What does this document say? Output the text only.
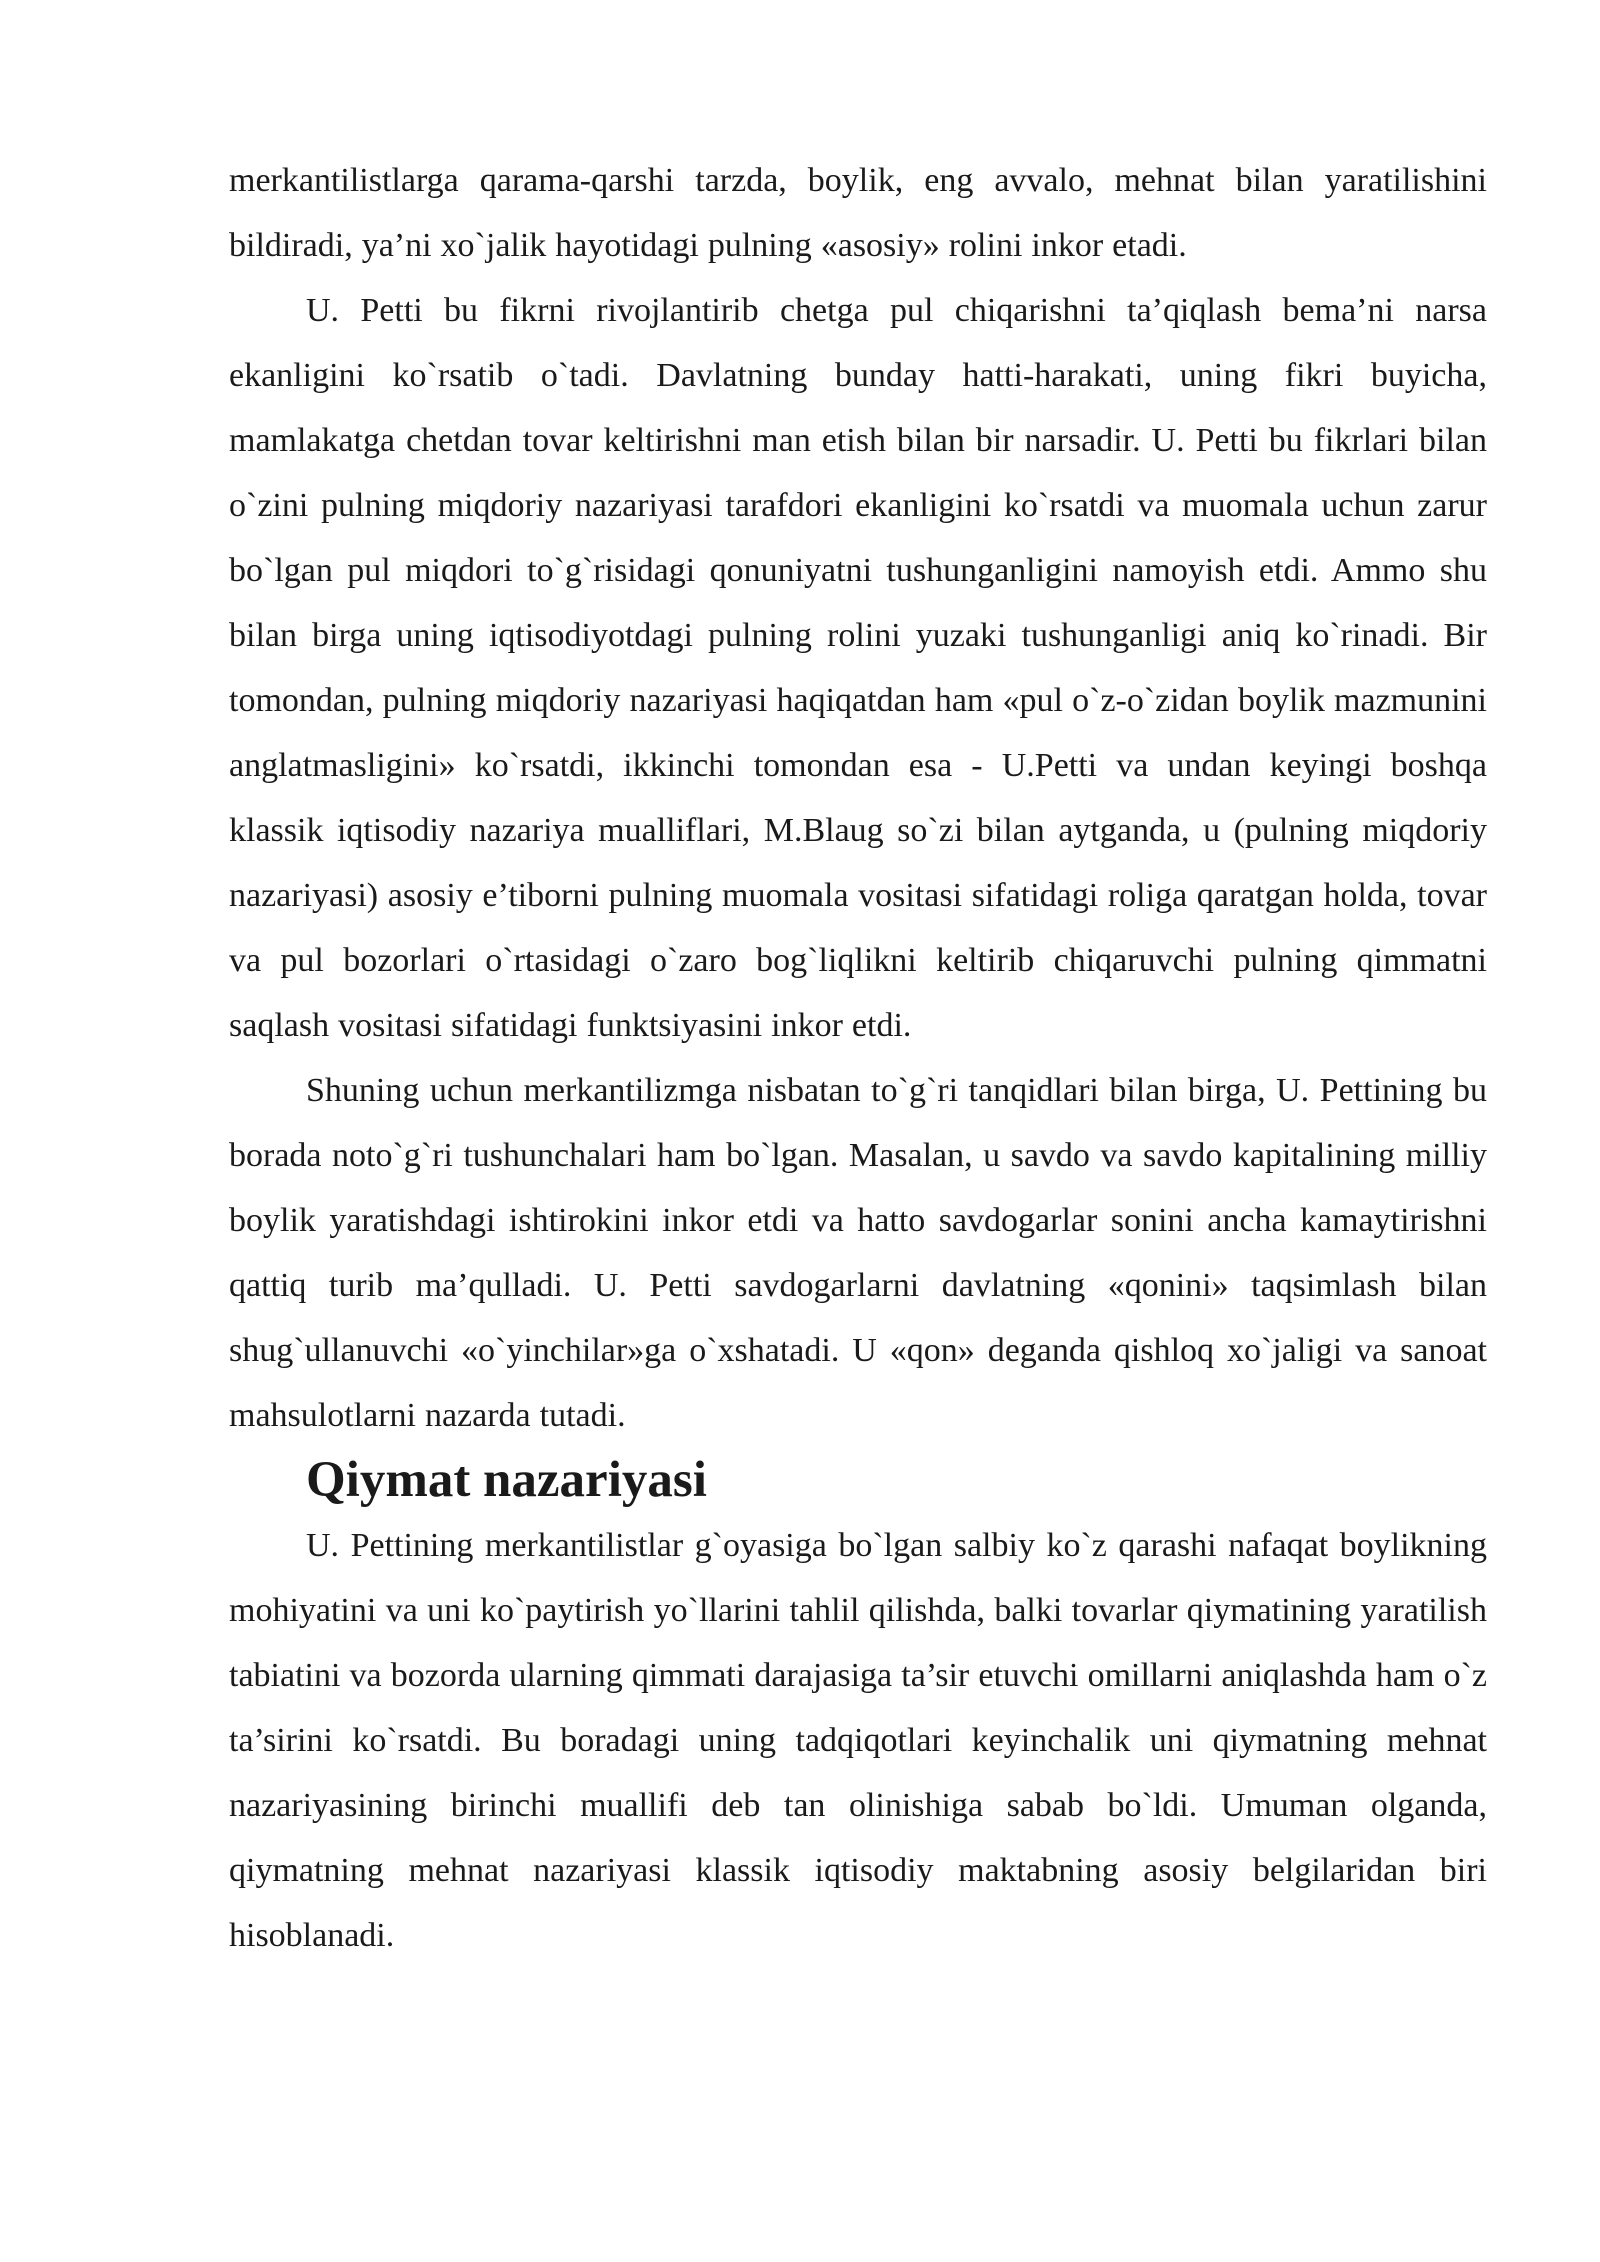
merkantilistlarga qarama-qarshi tarzda, boylik, eng avvalo, mehnat bilan yaratilishini bildiradi, ya’ni xo`jalik hayotidagi pulning «asosiy» rolini inkor etadi.

U. Petti bu fikrni rivojlantirib chetga pul chiqarishni ta’qiqlash bema’ni narsa ekanligini ko`rsatib o`tadi. Davlatning bunday hatti-harakati, uning fikri buyicha, mamlakatga chetdan tovar keltirishni man etish bilan bir narsadir. U. Petti bu fikrlari bilan o`zini pulning miqdoriy nazariyasi tarafdori ekanligini ko`rsatdi va muomala uchun zarur bo`lgan pul miqdori to`g`risidagi qonuniyatni tushunganligini namoyish etdi. Ammo shu bilan birga uning iqtisodiyotdagi pulning rolini yuzaki tushunganligi aniq ko`rinadi. Bir tomondan, pulning miqdoriy nazariyasi haqiqatdan ham «pul o`z-o`zidan boylik mazmunini anglatmasligini» ko`rsatdi, ikkinchi tomondan esa - U.Petti va undan keyingi boshqa klassik iqtisodiy nazariya mualliflari, M.Blaug so`zi bilan aytganda, u (pulning miqdoriy nazariyasi) asosiy e’tiborni pulning muomala vositasi sifatidagi roliga qaratgan holda, tovar va pul bozorlari o`rtasidagi o`zaro bog`liqlikni keltirib chiqaruvchi pulning qimmatni saqlash vositasi sifatidagi funktsiyasini inkor etdi.

Shuning uchun merkantilizmga nisbatan to`g`ri tanqidlari bilan birga, U. Pettining bu borada noto`g`ri tushunchalari ham bo`lgan. Masalan, u savdo va savdo kapitalining milliy boylik yaratishdagi ishtirokini inkor etdi va hatto savdogarlar sonini ancha kamaytirishni qattiq turib ma’qulladi. U. Petti savdogarlarni davlatning «qonini» taqsimlash bilan shug`ullanuvchi «o`yinchilar»ga o`xshatadi. U «qon» deganda qishloq xo`jaligi va sanoat mahsulotlarni nazarda tutadi.

Qiymat nazariyasi

U. Pettining merkantilistlar g`oyasiga bo`lgan salbiy ko`z qarashi nafaqat boylikning mohiyatini va uni ko`paytirish yo`llarini tahlil qilishda, balki tovarlar qiymatining yaratilish tabiatini va bozorda ularning qimmati darajasiga ta’sir etuvchi omillarni aniqlashda ham o`z ta’sirini ko`rsatdi. Bu boradagi uning tadqiqotlari keyinchalik uni qiymatning mehnat nazariyasining birinchi muallifi deb tan olinishiga sabab bo`ldi. Umuman olganda, qiymatning mehnat nazariyasi klassik iqtisodiy maktabning asosiy belgilaridan biri hisoblanadi.
